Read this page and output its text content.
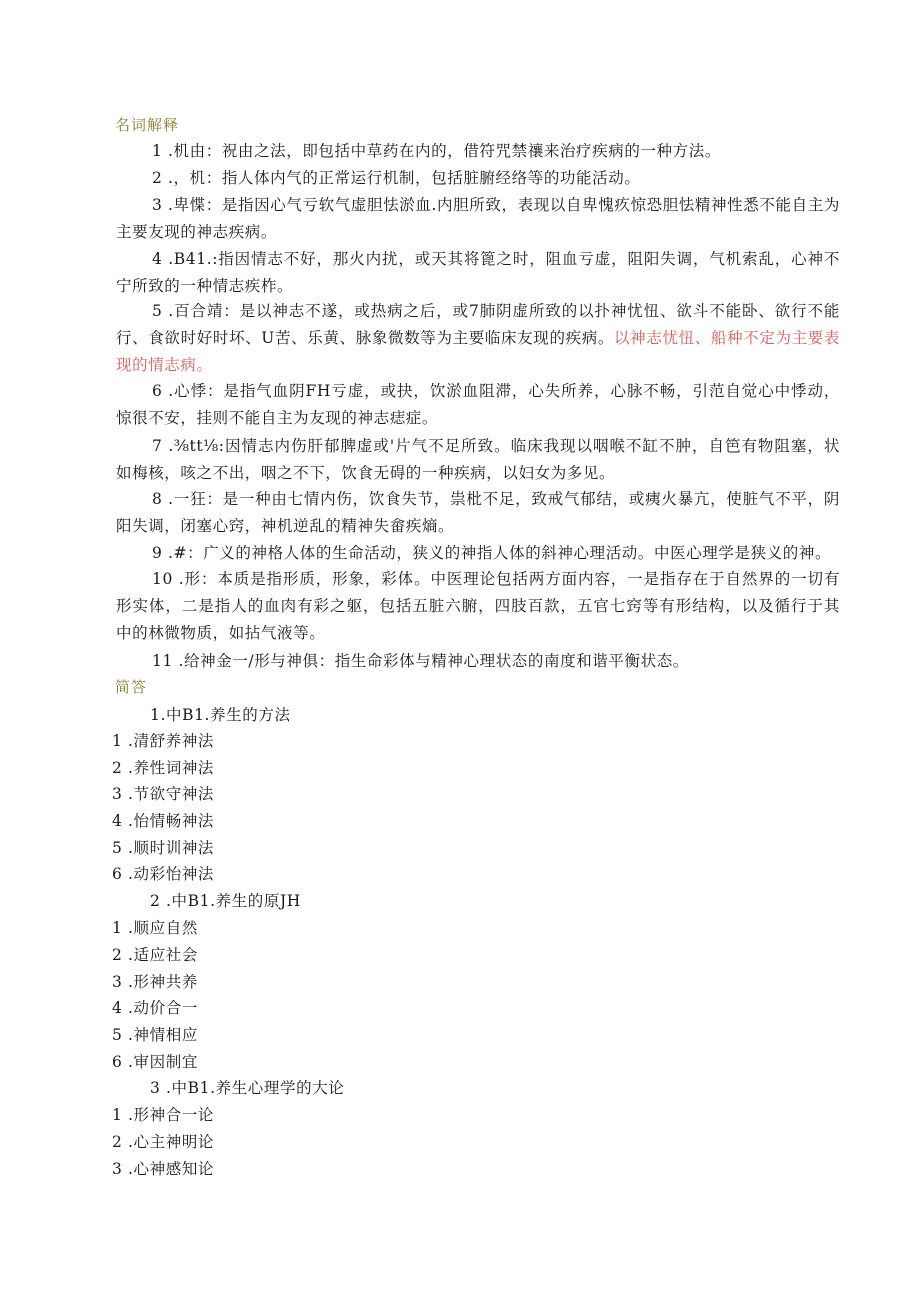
名词解释
1 .机由：祝由之法，即包括中草药在内的，借符咒禁禳来治疗疾病的一种方法。
2 .，机：指人体内气的正常运行机制，包括脏腑经络等的功能活动。
3 .卑惵：是指因心气亏软气虚胆怯淤血.内胆所致，表现以自卑愧疚惊恐胆怯精神性悉不能自主为主要友现的神志疾病。
4 .B41.:指因情志不好，那火内扰，或天其将篦之时，阻血亏虚，阻阳失调，气机索乱，心神不宁所致的一种情志疾柞。
5 .百合靖：是以神志不遂，或热病之后，或7肺阴虚所致的以扑神忧忸、欲斗不能卧、欲行不能行、食欲时好时坏、U苦、乐黄、脉象微数等为主要临床友现的疾病。以神志忧忸、船种不定为主要表现的情志病。
6 .心悸：是指气血阴FH亏虚，或抉，饮淤血阻滞，心失所养，心脉不畅，引范自觉心中悸动，惊很不安，挂则不能自主为友现的神志痣症。
7 .⅜tt⅛:因情志内伤肝郁脾虚或'片气不足所致。临床我现以咽喉不缸不肿，自笆有物阻塞，状如梅核，咳之不出，咽之不下，饮食无碍的一种疾病，以妇女为多见。
8 .一狂：是一种由七情内伤，饮食失节，祟枇不足，致戒气郁结，或痍火暴亢，使脏气不平，阴阳失调，闭塞心窍，神机逆乱的精神失畲疾熵。
9 .#：广义的神格人体的生命活动，狭义的神指人体的斜神心理活动。中医心理学是狭义的神。
10 .形：本质是指形质，形象，彩体。中医理论包括两方面内容，一是指存在于自然界的一切有形实体，二是指人的血肉有彩之躯，包括五脏六腑，四肢百款，五官七窍等有形结构，以及循行于其中的林微物质，如拈气液等。
11 .给神金一/形与神俱：指生命彩体与精神心理状态的南度和谐平衡状态。
简答
1.中B1.养生的方法
1 .清舒养神法
2 .养性词神法
3 .节欲守神法
4 .怡情畅神法
5 .顺时训神法
6 .动彩怡神法
2 .中B1.养生的原JH
1 .顺应自然
2 .适应社会
3 .形神共养
4 .动价合一
5 .神情相应
6 .审因制宜
3 .中B1.养生心理学的大论
1 .形神合一论
2 .心主神明论
3 .心神感知论
